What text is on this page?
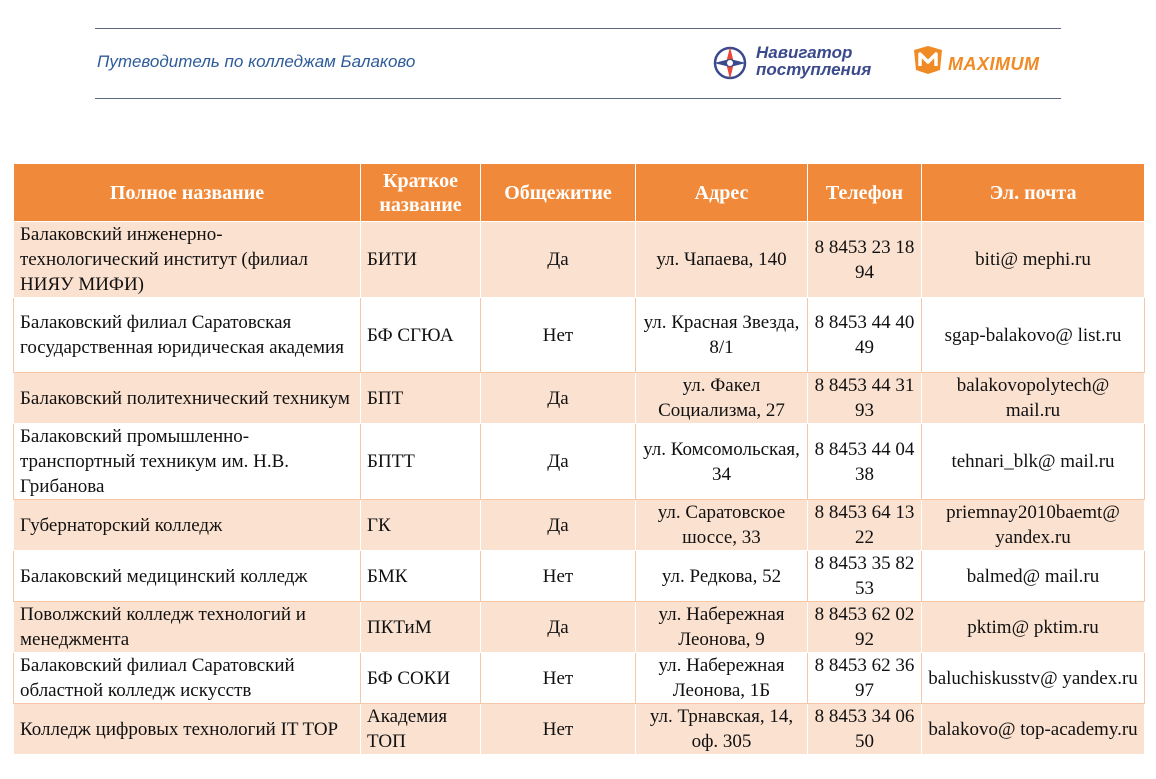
Путеводитель по колледжам Балаково	Навигатор
поступления	MAXIMUM
Полное название	Краткое название	Общежитие	Адрес	Телефон	Эл. почта
Балаковский инженерно-технологический институт (филиал НИЯУ МИФИ)	БИТИ	Да	ул. Чапаева, 140	8 8453 23 18 94	biti@ mephi.ru
Балаковский филиал Саратовская государственная юридическая академия	БФ СГЮА	Нет	ул. Красная Звезда, 8/1	8 8453 44 40 49	sgap-balakovo@ list.ru
Балаковский политехнический техникум	БПТ	Да	ул. Факел Социализма, 27	8 8453 44 31 93	balakovopolytech@ mail.ru
Балаковский промышленно-транспортный техникум им. Н.В. Грибанова	БПТТ	Да	ул. Комсомольская, 34	8 8453 44 04 38	tehnari_blk@ mail.ru
Губернаторский колледж	ГК	Да	ул. Саратовское шоссе, 33	8 8453 64 13 22	priemnay2010baemt@ yandex.ru
Балаковский медицинский колледж	БМК	Нет	ул. Редкова, 52	8 8453 35 82 53	balmed@ mail.ru
Поволжский колледж технологий и менеджмента	ПКТиМ	Да	ул. Набережная Леонова, 9	8 8453 62 02 92	pktim@ pktim.ru
Балаковский филиал Саратовский областной колледж искусств	БФ СОКИ	Нет	ул. Набережная Леонова, 1Б	8 8453 62 36 97	baluchiskusstv@ yandex.ru
Колледж цифровых технологий IT TOP	Академия ТОП	Нет	ул. Трнавская, 14, оф. 305	8 8453 34 06 50	balakovo@ top-academy.ru
